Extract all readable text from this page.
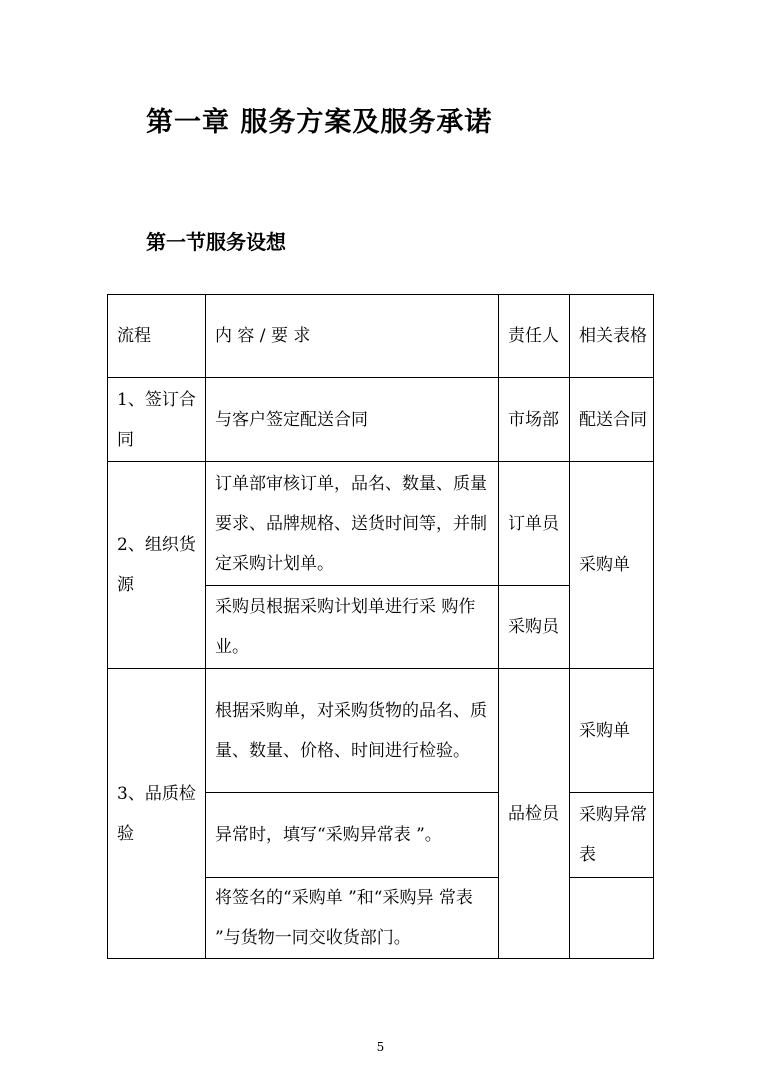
第一章 服务方案及服务承诺
第一节服务设想
流程	内 容 / 要 求	责任人	相关表格
1、签订合 同	与客户签定配送合同	市场部	配送合同
2、组织货 源	订单部审核订单，品名、数量、质量要求、品牌规格、送货时间等，并制定采购计划单。	订单员	采购单
	采购员根据采购计划单进行采 购作业。	采购员	
3、品质检 验	根据采购单，对采购货物的品名、质量、数量、价格、时间进行检验。	品检员	采购单
	异常时，填写“采购异常表 ”。		采购异常表
	将签名的“采购单 ”和“采购异 常表 ”与货物一同交收货部门。		
5
